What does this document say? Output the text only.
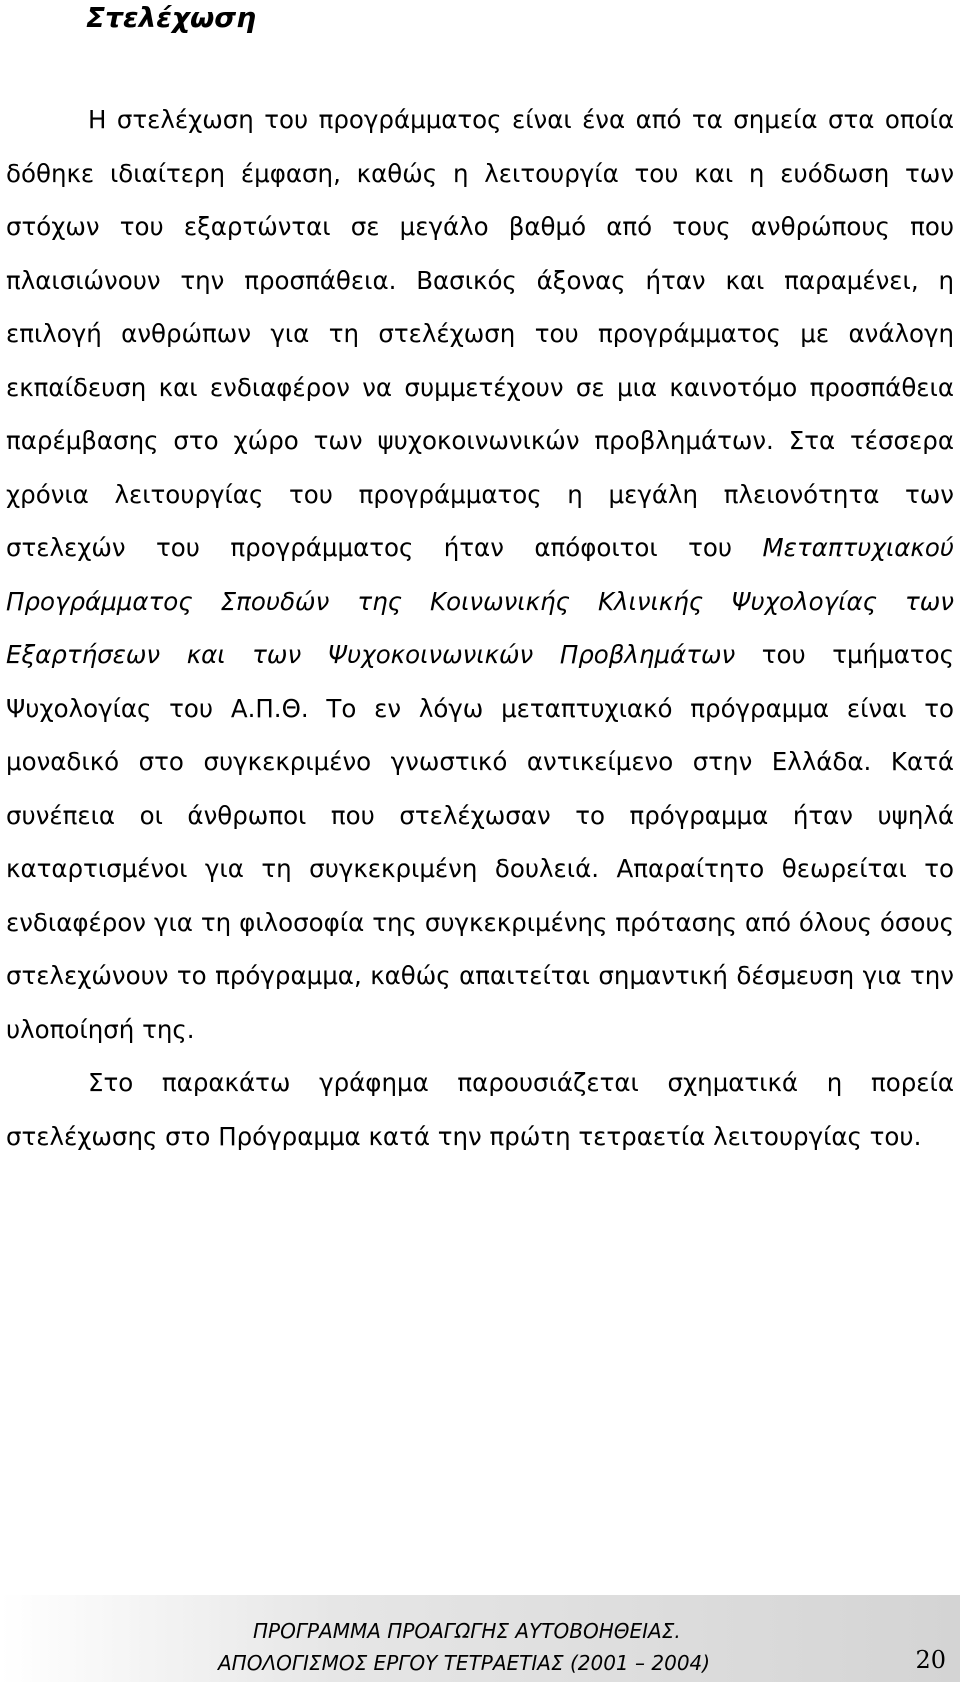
Στελέχωση

Η στελέχωση του προγράμματος είναι ένα από τα σημεία στα οποία δόθηκε ιδιαίτερη έμφαση, καθώς η λειτουργία του και η ευόδωση των στόχων του εξαρτώνται σε μεγάλο βαθμό από τους ανθρώπους που πλαισιώνουν την προσπάθεια. Βασικός άξονας ήταν και παραμένει, η επιλογή ανθρώπων για τη στελέχωση του προγράμματος με ανάλογη εκπαίδευση και ενδιαφέρον να συμμετέχουν σε μια καινοτόμο προσπάθεια παρέμβασης στο χώρο των ψυχοκοινωνικών προβλημάτων. Στα τέσσερα χρόνια λειτουργίας του προγράμματος η μεγάλη πλειονότητα των στελεχών του προγράμματος ήταν απόφοιτοι του Μεταπτυχιακού Προγράμματος Σπουδών της Κοινωνικής Κλινικής Ψυχολογίας των Εξαρτήσεων και των Ψυχοκοινωνικών Προβλημάτων του τμήματος Ψυχολογίας του Α.Π.Θ. Το εν λόγω μεταπτυχιακό πρόγραμμα είναι το μοναδικό στο συγκεκριμένο γνωστικό αντικείμενο στην Ελλάδα. Κατά συνέπεια οι άνθρωποι που στελέχωσαν το πρόγραμμα ήταν υψηλά καταρτισμένοι για τη συγκεκριμένη δουλειά. Απαραίτητο θεωρείται το ενδιαφέρον για τη φιλοσοφία της συγκεκριμένης πρότασης από όλους όσους στελεχώνουν το πρόγραμμα, καθώς απαιτείται σημαντική δέσμευση για την υλοποίησή της.

Στο παρακάτω γράφημα παρουσιάζεται σχηματικά η πορεία στελέχωσης στο Πρόγραμμα κατά την πρώτη τετραετία λειτουργίας του.

ΠΡΟΓΡΑΜΜΑ ΠΡΟΑΓΩΓΗΣ ΑΥΤΟΒΟΗΘΕΙΑΣ.
ΑΠΟΛΟΓΙΣΜΟΣ ΕΡΓΟΥ ΤΕΤΡΑΕΤΙΑΣ (2001 – 2004)	20
